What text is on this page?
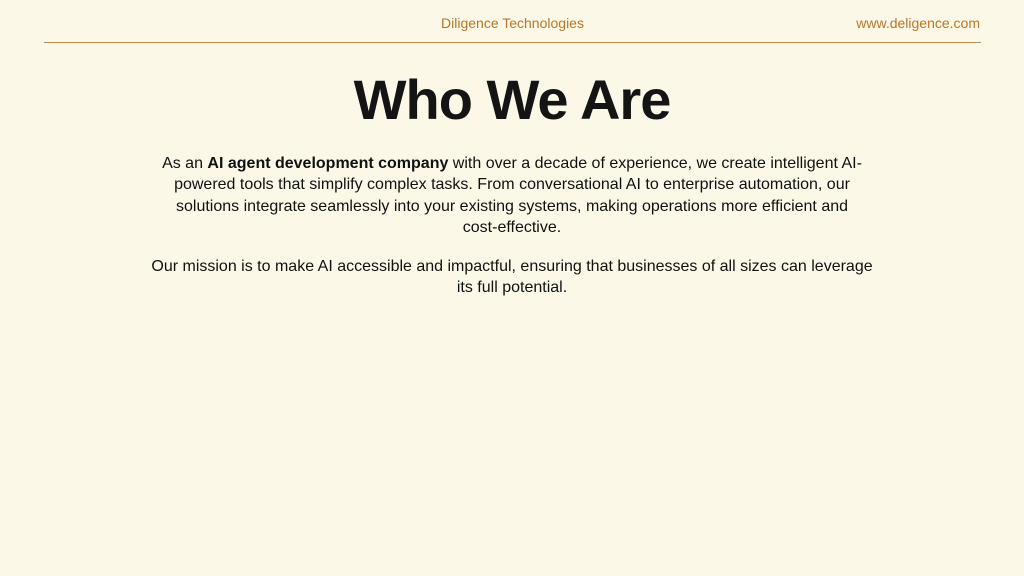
Diligence Technologies	www.deligence.com
Who We Are

As an AI agent development company with over a decade of experience, we create intelligent AI-powered tools that simplify complex tasks. From conversational AI to enterprise automation, our solutions integrate seamlessly into your existing systems, making operations more efficient and cost-effective.

Our mission is to make AI accessible and impactful, ensuring that businesses of all sizes can leverage its full potential.
